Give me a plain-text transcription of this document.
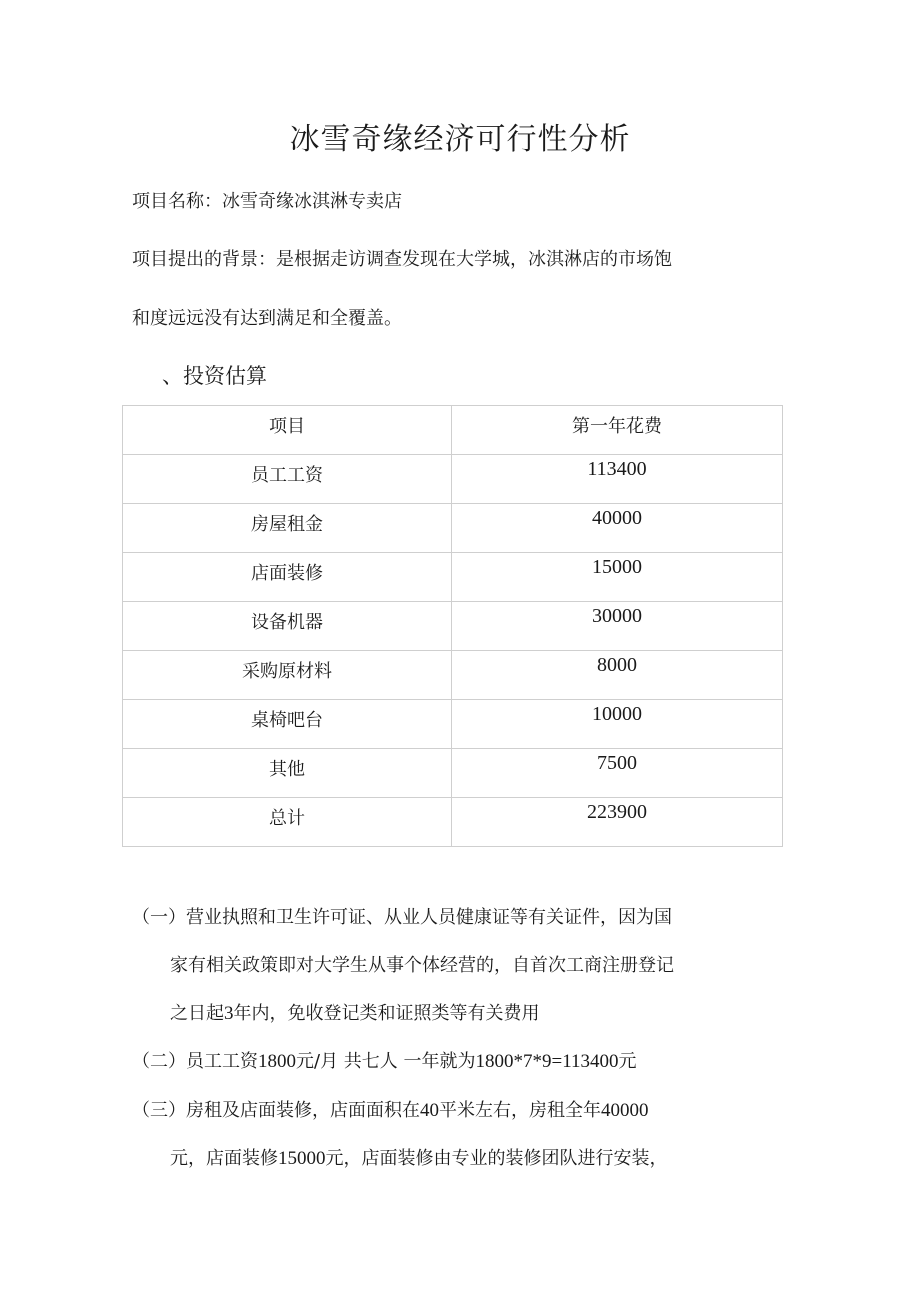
冰雪奇缘经济可行性分析
项目名称：冰雪奇缘冰淇淋专卖店
项目提出的背景：是根据走访调查发现在大学城，冰淇淋店的市场饱
和度远远没有达到满足和全覆盖。
、投资估算
项目	第一年花费

员工工资	113400

房屋租金	40000

店面装修	15000

设备机器	30000

采购原材料	8000

桌椅吧台	10000

其他	7500

总计	223900
（一）营业执照和卫生许可证、从业人员健康证等有关证件，因为国
家有相关政策即对大学生从事个体经营的，自首次工商注册登记
之日起3年内，免收登记类和证照类等有关费用
（二）员工工资1800元/月 共七人 一年就为1800*7*9=113400元
（三）房租及店面装修，店面面积在40平米左右，房租全年40000
元，店面装修15000元，店面装修由专业的装修团队进行安装，
